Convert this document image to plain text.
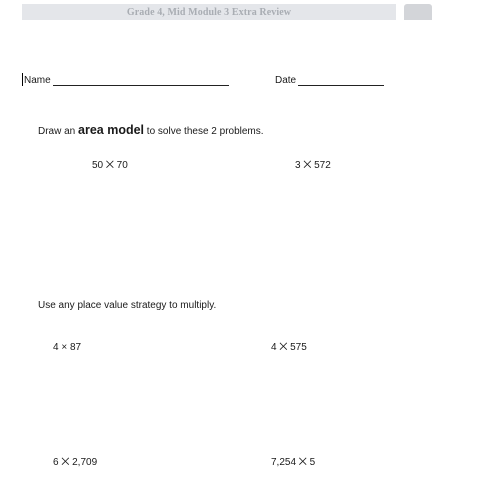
Grade 4, Mid Module 3 Extra Review
Name	Date
Draw an area model to solve these 2 problems.
50 ⨉ 70	3 ⨉ 572
Use any place value strategy to multiply.
4 × 87	4 ⨉ 575
6 ⨉ 2,709	7,254 ⨉ 5
